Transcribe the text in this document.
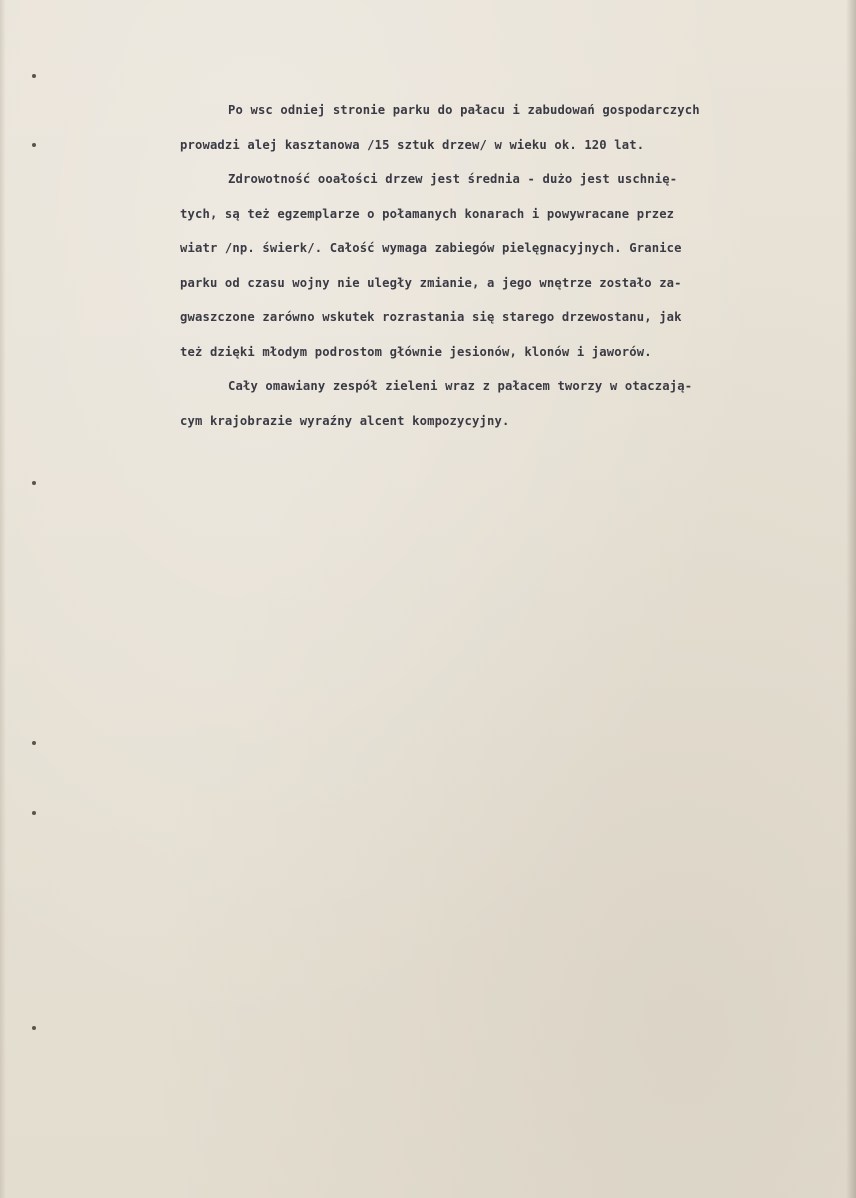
Po wsc odniej stronie parku do pałacu i zabudowań gospodarczych
prowadzi alej kasztanowa /15 sztuk drzew/ w wieku ok. 120 lat.
Zdrowotność ooałości drzew jest średnia - dużo jest uschnię-
tych, są też egzemplarze o połamanych konarach i powywracane przez
wiatr /np. świerk/. Całość wymaga zabiegów pielęgnacyjnych. Granice
parku od czasu wojny nie uległy zmianie, a jego wnętrze zostało za-
gwaszczone zarówno wskutek rozrastania się starego drzewostanu, jak
też dzięki młodym podrostom głównie jesionów, klonów i jaworów.
Cały omawiany zespół zieleni wraz z pałacem tworzy w otaczają-
cym krajobrazie wyraźny alcent kompozycyjny.
